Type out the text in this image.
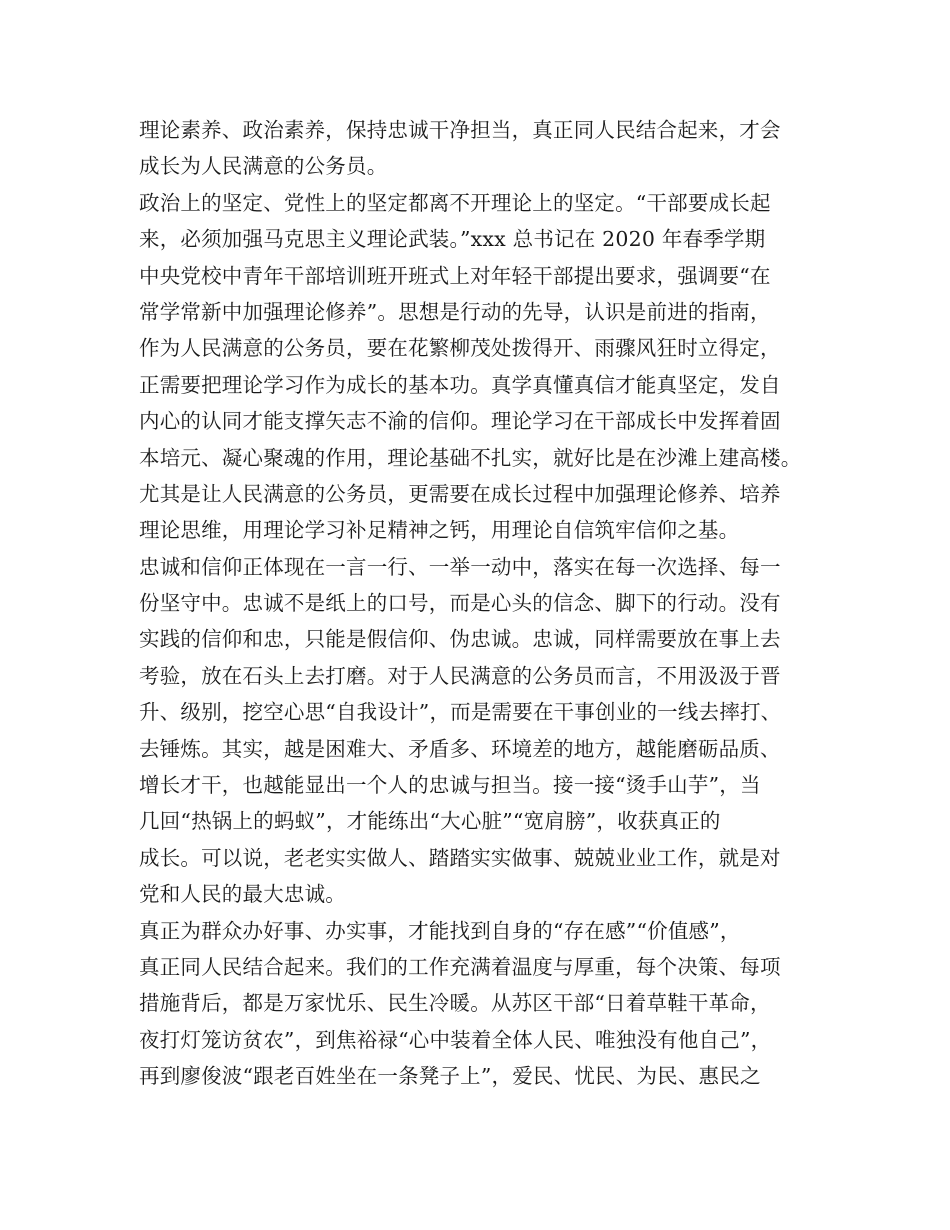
理论素养、政治素养，保持忠诚干净担当，真正同人民结合起来，才会
成长为人民满意的公务员。
政治上的坚定、党性上的坚定都离不开理论上的坚定。“干部要成长起
来，必须加强马克思主义理论武装。”xxx 总书记在 2020 年春季学期
中央党校中青年干部培训班开班式上对年轻干部提出要求，强调要“在
常学常新中加强理论修养”。思想是行动的先导，认识是前进的指南，
作为人民满意的公务员，要在花繁柳茂处拨得开、雨骤风狂时立得定，
正需要把理论学习作为成长的基本功。真学真懂真信才能真坚定，发自
内心的认同才能支撑矢志不渝的信仰。理论学习在干部成长中发挥着固
本培元、凝心聚魂的作用，理论基础不扎实，就好比是在沙滩上建高楼。
尤其是让人民满意的公务员，更需要在成长过程中加强理论修养、培养
理论思维，用理论学习补足精神之钙，用理论自信筑牢信仰之基。
忠诚和信仰正体现在一言一行、一举一动中，落实在每一次选择、每一
份坚守中。忠诚不是纸上的口号，而是心头的信念、脚下的行动。没有
实践的信仰和忠，只能是假信仰、伪忠诚。忠诚，同样需要放在事上去
考验，放在石头上去打磨。对于人民满意的公务员而言，不用汲汲于晋
升、级别，挖空心思“自我设计”，而是需要在干事创业的一线去摔打、
去锤炼。其实，越是困难大、矛盾多、环境差的地方，越能磨砺品质、
增长才干，也越能显出一个人的忠诚与担当。接一接“烫手山芋”，当
几回“热锅上的蚂蚁”，才能练出“大心脏”“宽肩膀”，收获真正的
成长。可以说，老老实实做人、踏踏实实做事、兢兢业业工作，就是对
党和人民的最大忠诚。
真正为群众办好事、办实事，才能找到自身的“存在感”“价值感”，
真正同人民结合起来。我们的工作充满着温度与厚重，每个决策、每项
措施背后，都是万家忧乐、民生冷暖。从苏区干部“日着草鞋干革命，
夜打灯笼访贫农”，到焦裕禄“心中装着全体人民、唯独没有他自己”，
再到廖俊波“跟老百姓坐在一条凳子上”，爱民、忧民、为民、惠民之
